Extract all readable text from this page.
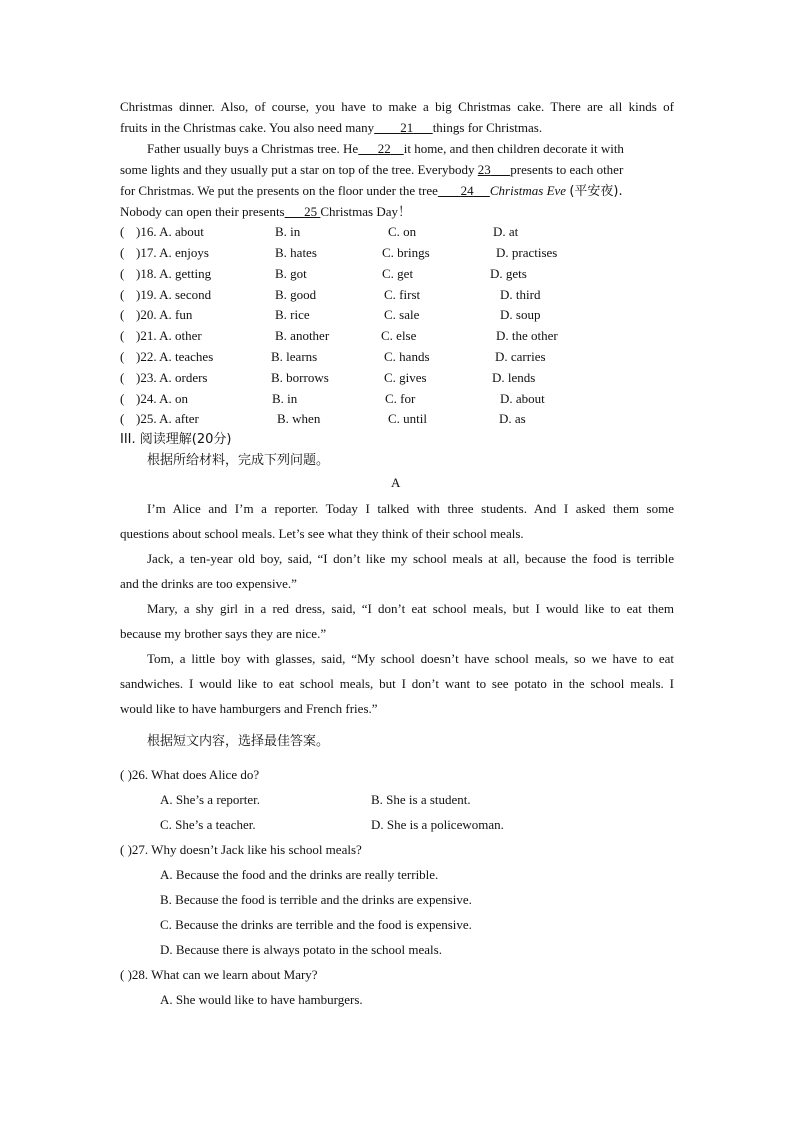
Christmas dinner. Also, of course, you have to make a big Christmas cake. There are all kinds of
fruits in the Christmas cake. You also need many 21 things for Christmas.
Father usually buys a Christmas tree. He 22 it home, and then children decorate it with
some lights and they usually put a star on top of the tree. Everybody 23 presents to each other
for Christmas. We put the presents on the floor under the tree 24 Christmas Eve (平安夜).
Nobody can open their presents 25 Christmas Day！
( )16. A. about	B. in	C. on	D. at
( )17. A. enjoys	B. hates	C. brings	D. practises
( )18. A. getting	B. got	C. get	D. gets
( )19. A. second	B. good	C. first	D. third
( )20. A. fun	B. rice	C. sale	D. soup
( )21. A. other	B. another	C. else	D. the other
( )22. A. teaches	B. learns	C. hands	D. carries
( )23. A. orders	B. borrows	C. gives	D. lends
( )24. A. on	B. in	C. for	D. about
( )25. A. after	B. when	C. until	D. as
III. 阅读理解(20分)
根据所给材料，完成下列问题。
A
I’m Alice and I’m a reporter. Today I talked with three students. And I asked them some
questions about school meals. Let’s see what they think of their school meals.
Jack, a ten-year old boy, said, “I don’t like my school meals at all, because the food is terrible
and the drinks are too expensive.”
Mary, a shy girl in a red dress, said, “I don’t eat school meals, but I would like to eat them
because my brother says they are nice.”
Tom, a little boy with glasses, said, “My school doesn’t have school meals, so we have to eat
sandwiches. I would like to eat school meals, but I don’t want to see potato in the school meals. I
would like to have hamburgers and French fries.”
根据短文内容，选择最佳答案。
( )26. What does Alice do?
A. She’s a reporter.	B. She is a student.
C. She’s a teacher.	D. She is a policewoman.
( )27. Why doesn’t Jack like his school meals?
A. Because the food and the drinks are really terrible.
B. Because the food is terrible and the drinks are expensive.
C. Because the drinks are terrible and the food is expensive.
D. Because there is always potato in the school meals.
( )28. What can we learn about Mary?
A. She would like to have hamburgers.
